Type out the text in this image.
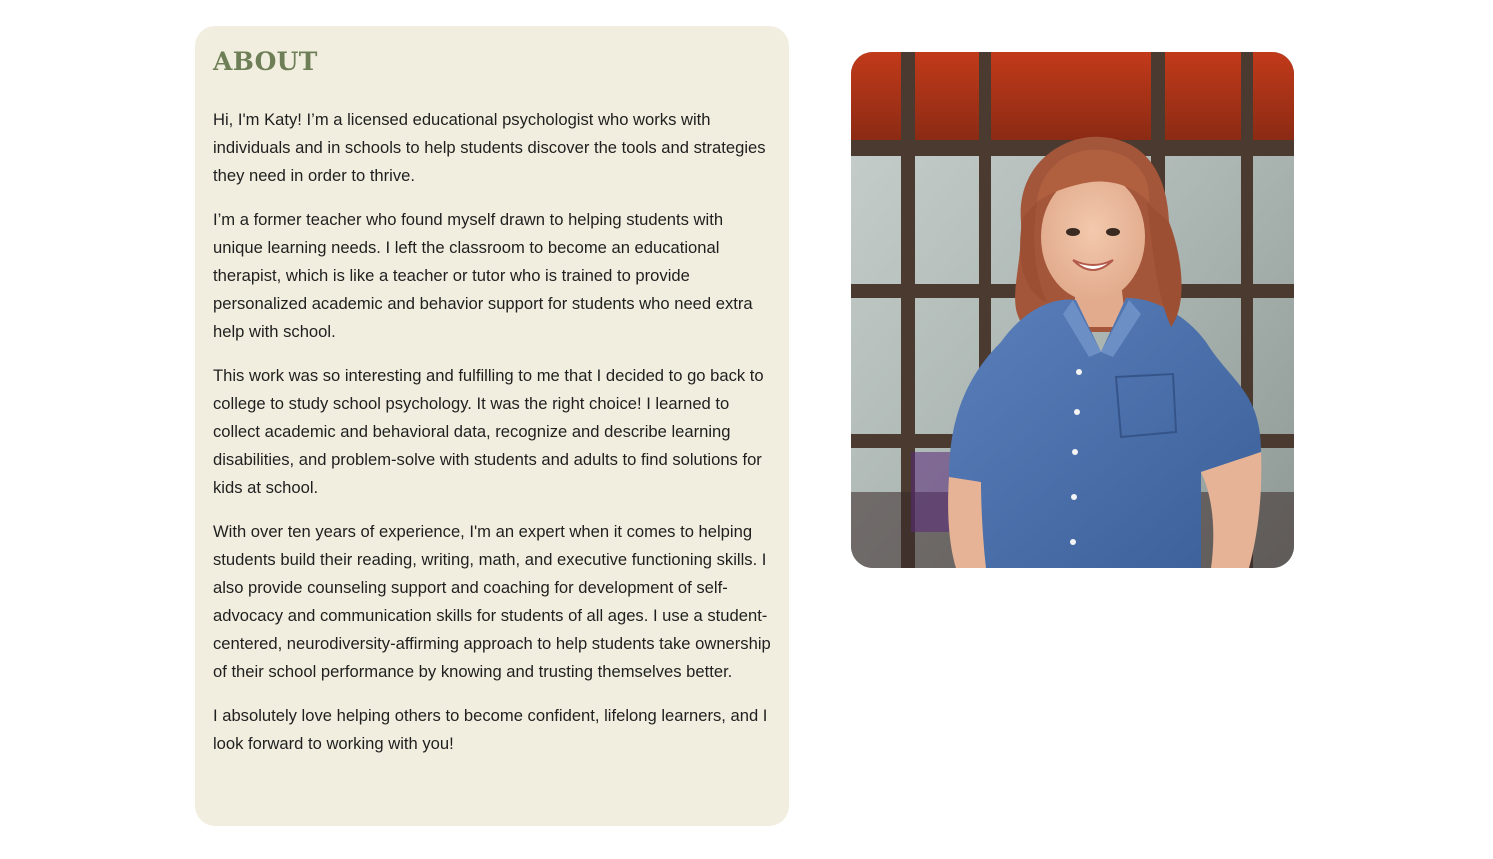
ABOUT

Hi, I'm Katy! I’m a licensed educational psychologist who works with individuals and in schools to help students discover the tools and strategies they need in order to thrive.

I’m a former teacher who found myself drawn to helping students with unique learning needs. I left the classroom to become an educational therapist, which is like a teacher or tutor who is trained to provide personalized academic and behavior support for students who need extra help with school.

This work was so interesting and fulfilling to me that I decided to go back to college to study school psychology. It was the right choice! I learned to collect academic and behavioral data, recognize and describe learning disabilities, and problem-solve with students and adults to find solutions for kids at school.

With over ten years of experience, I'm an expert when it comes to helping students build their reading, writing, math, and executive functioning skills. I also provide counseling support and coaching for development of self-advocacy and communication skills for students of all ages. I use a student-centered, neurodiversity-affirming approach to help students take ownership of their school performance by knowing and trusting themselves better.

I absolutely love helping others to become confident, lifelong learners, and I look forward to working with you!
